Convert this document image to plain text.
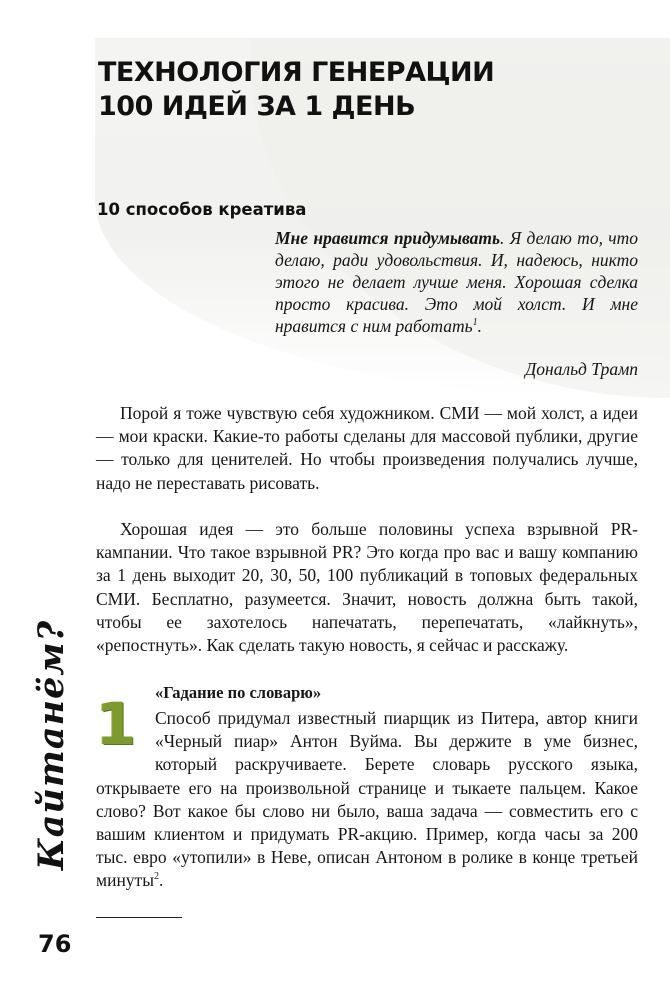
ТЕХНОЛОГИЯ ГЕНЕРАЦИИ
100 ИДЕЙ ЗА 1 ДЕНЬ
10 способов креатива

Мне нравится придумывать. Я делаю то, что делаю, ради удовольствия. И, надеюсь, никто этого не делает лучше меня. Хорошая сделка просто красива. Это мой холст. И мне нравится с ним работать$^1$.

Дональд Трамп

Порой я тоже чувствую себя художником. СМИ — мой холст, а идеи — мои краски. Какие-то работы сделаны для массовой публики, другие — только для ценителей. Но чтобы произведения получались лучше, надо не переставать рисовать.

Хорошая идея — это больше половины успеха взрывной PR-кампании. Что такое взрывной PR? Это когда про вас и вашу компанию за 1 день выходит 20, 30, 50, 100 публикаций в топовых федеральных СМИ. Бесплатно, разумеется. Значит, новость должна быть такой, чтобы ее захотелось напечатать, перепечатать, «лайкнуть», «репостнуть». Как сделать такую новость, я сейчас и расскажу.

1 «Гадание по словарю»

Способ придумал известный пиарщик из Питера, автор книги «Черный пиар» Антон Вуйма. Вы держите в уме бизнес, который раскручиваете. Берете словарь русского языка, открываете его на произвольной странице и тыкаете пальцем. Какое слово? Вот какое бы слово ни было, ваша задача — совместить его с вашим клиентом и придумать PR-акцию. Пример, когда часы за 200 тыс. евро «утопили» в Неве, описан Антоном в ролике в конце третьей минуты$^2$.

76

Кайтанём?
